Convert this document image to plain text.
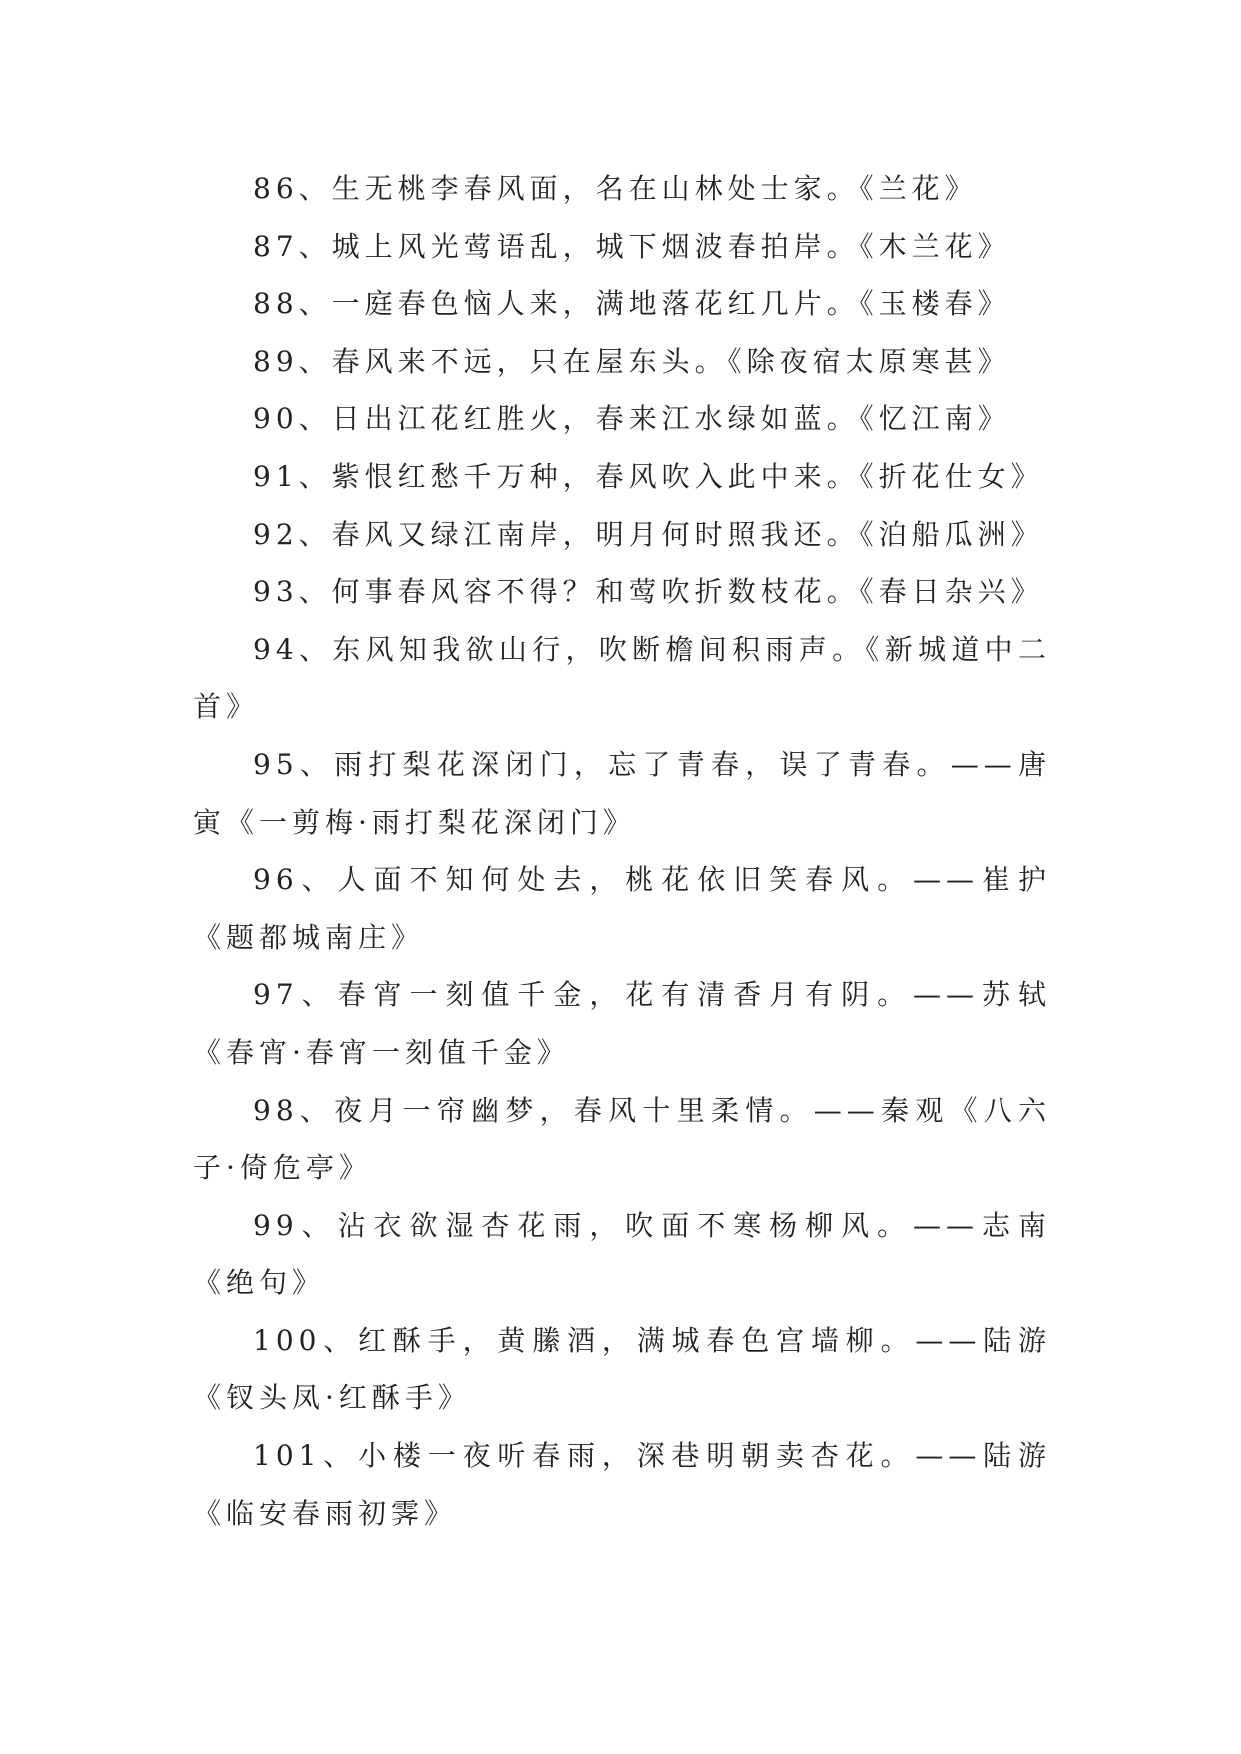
86、生无桃李春风面，名在山林处士家。《兰花》

87、城上风光莺语乱，城下烟波春拍岸。《木兰花》

88、一庭春色恼人来，满地落花红几片。《玉楼春》

89、春风来不远，只在屋东头。《除夜宿太原寒甚》

90、日出江花红胜火，春来江水绿如蓝。《忆江南》

91、紫恨红愁千万种，春风吹入此中来。《折花仕女》

92、春风又绿江南岸，明月何时照我还。《泊船瓜洲》

93、何事春风容不得？和莺吹折数枝花。《春日杂兴》

94、东风知我欲山行，吹断檐间积雨声。《新城道中二首》

95、雨打梨花深闭门，忘了青春，误了青春。——唐寅《一剪梅·雨打梨花深闭门》

96、人面不知何处去，桃花依旧笑春风。——崔护《题都城南庄》

97、春宵一刻值千金，花有清香月有阴。——苏轼《春宵·春宵一刻值千金》

98、夜月一帘幽梦，春风十里柔情。——秦观《八六子·倚危亭》

99、沾衣欲湿杏花雨，吹面不寒杨柳风。——志南《绝句》

100、红酥手，黄縢酒，满城春色宫墙柳。——陆游《钗头凤·红酥手》

101、小楼一夜听春雨，深巷明朝卖杏花。——陆游《临安春雨初霁》
